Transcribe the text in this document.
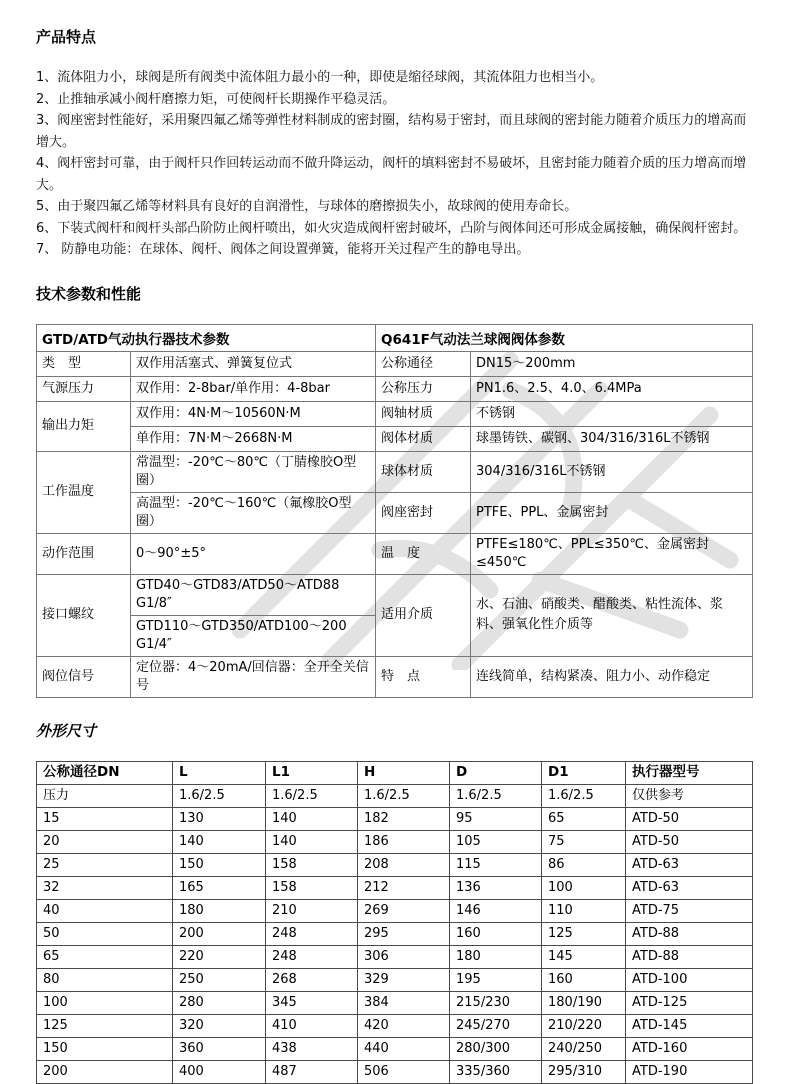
产品特点

1、流体阻力小，球阀是所有阀类中流体阻力最小的一种，即使是缩径球阀，其流体阻力也相当小。

2、止推轴承减小阀杆磨擦力矩，可使阀杆长期操作平稳灵活。

3、阀座密封性能好，采用聚四氟乙烯等弹性材料制成的密封圈，结构易于密封，而且球阀的密封能力随着介质压力的增高而增大。

4、阀杆密封可靠，由于阀杆只作回转运动而不做升降运动，阀杆的填料密封不易破坏，且密封能力随着介质的压力增高而增大。

5、由于聚四氟乙烯等材料具有良好的自润滑性，与球体的磨擦损失小，故球阀的使用寿命长。

6、下装式阀杆和阀杆头部凸阶防止阀杆喷出，如火灾造成阀杆密封破坏，凸阶与阀体间还可形成金属接触，确保阀杆密封。

7、 防静电功能：在球体、阀杆、阀体之间设置弹簧，能将开关过程产生的静电导出。

技术参数和性能
GTD/ATD气动执行器技术参数		Q641F气动法兰球阀阀体参数	
类　型	双作用活塞式、弹簧复位式	公称通径	DN15～200mm
气源压力	双作用：2-8bar/单作用：4-8bar	公称压力	PN1.6、2.5、4.0、6.4MPa
输出力矩	双作用：4N·M～10560N·M	阀轴材质	不锈钢
	单作用：7N·M～2668N·M	阀体材质	球墨铸铁、碳钢、304/316/316L不锈钢
工作温度	常温型：-20℃～80℃（丁腈橡胶O型圈）	球体材质	304/316/316L不锈钢
	高温型：-20℃～160℃（氟橡胶O型圈）	阀座密封	PTFE、PPL、金属密封
动作范围	0～90°±5°	温　度	PTFE≤180℃、PPL≤350℃、金属密封≤450℃
接口螺纹	GTD40～GTD83/ATD50～ATD88　G1/8″	适用介质	水、石油、硝酸类、醋酸类、粘性流体、浆料、强氧化性介质等
	GTD110～GTD350/ATD100～200　G1/4″		
阀位信号	定位器：4～20mA/回信器：全开全关信号	特　点	连线简单，结构紧凑、阻力小、动作稳定
外形尺寸
公称通径DN	L	L1	H	D	D1	执行器型号
压力	1.6/2.5	1.6/2.5	1.6/2.5	1.6/2.5	1.6/2.5	仅供参考
15	130	140	182	95	65	ATD-50
20	140	140	186	105	75	ATD-50
25	150	158	208	115	86	ATD-63
32	165	158	212	136	100	ATD-63
40	180	210	269	146	110	ATD-75
50	200	248	295	160	125	ATD-88
65	220	248	306	180	145	ATD-88
80	250	268	329	195	160	ATD-100
100	280	345	384	215/230	180/190	ATD-125
125	320	410	420	245/270	210/220	ATD-145
150	360	438	440	280/300	240/250	ATD-160
200	400	487	506	335/360	295/310	ATD-190
